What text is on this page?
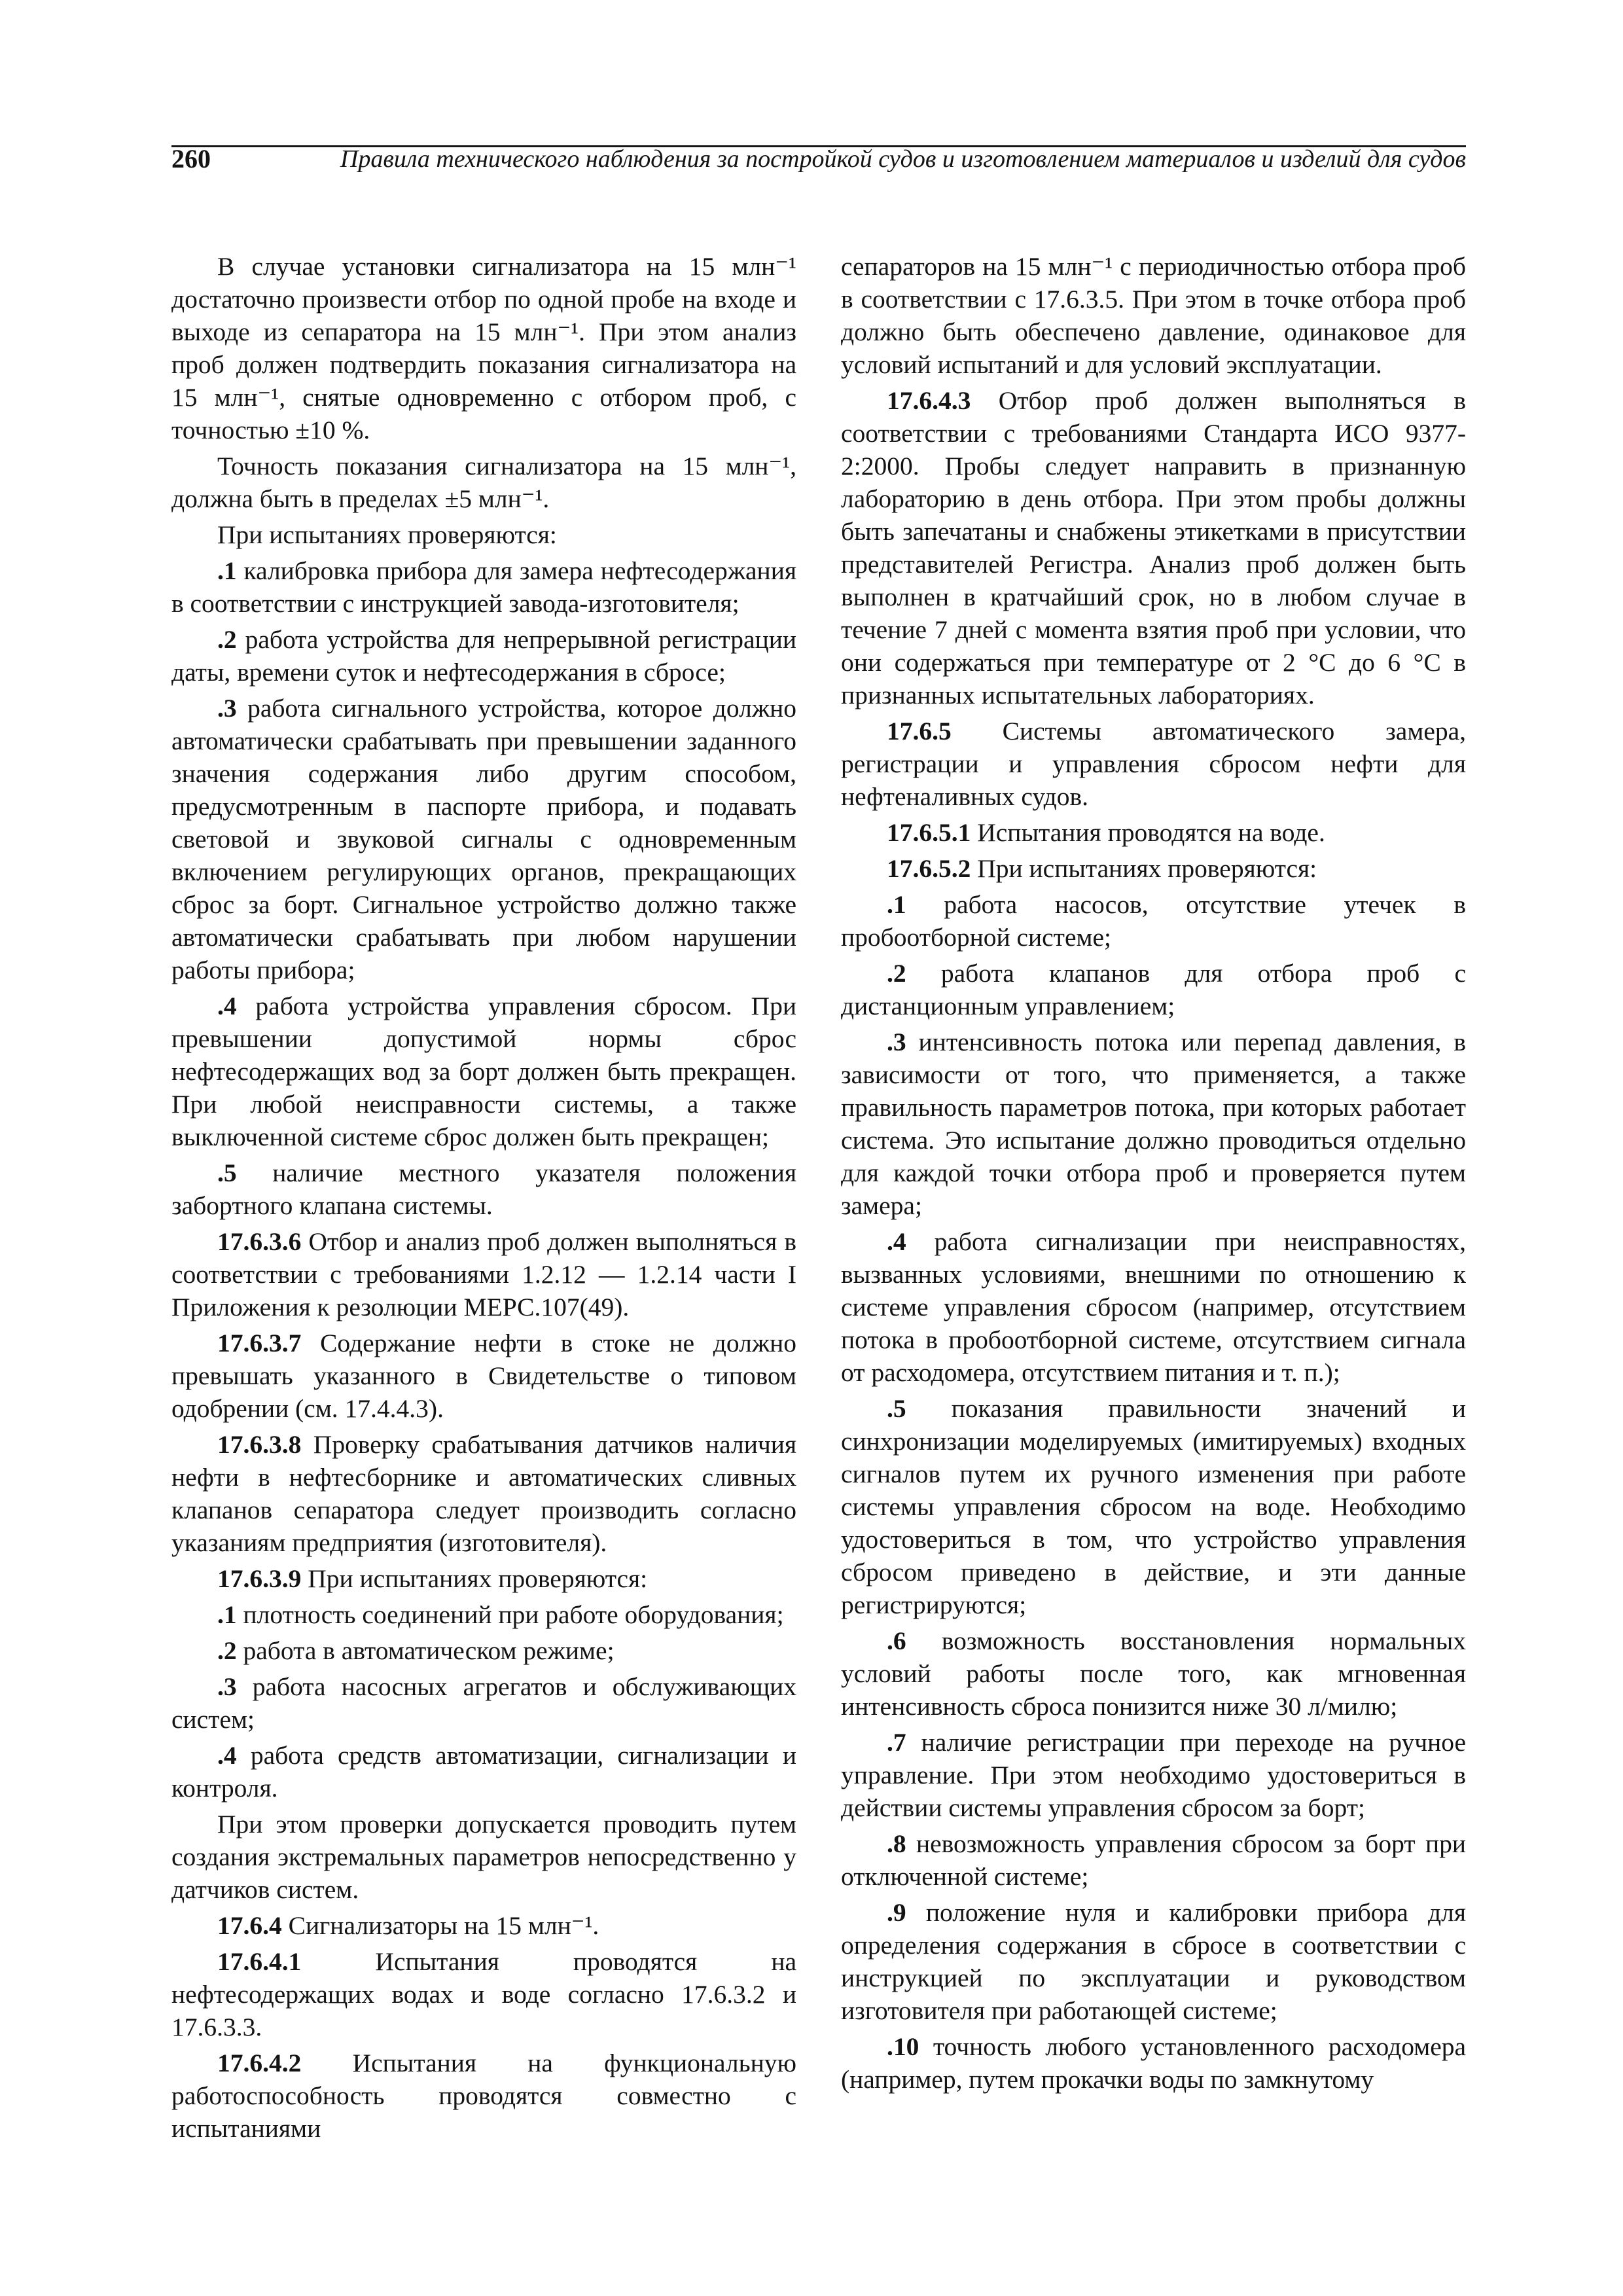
260	Правила технического наблюдения за постройкой судов и изготовлением материалов и изделий для судов

В случае установки сигнализатора на 15 млн⁻¹ достаточно произвести отбор по одной пробе на входе и выходе из сепаратора на 15 млн⁻¹. При этом анализ проб должен подтвердить показания сигнализатора на 15 млн⁻¹, снятые одновременно с отбором проб, с точностью ±10 %.

Точность показания сигнализатора на 15 млн⁻¹, должна быть в пределах ±5 млн⁻¹.

При испытаниях проверяются:

.1 калибровка прибора для замера нефтесодержания в соответствии с инструкцией завода-изготовителя;

.2 работа устройства для непрерывной регистрации даты, времени суток и нефтесодержания в сбросе;

.3 работа сигнального устройства, которое должно автоматически срабатывать при превышении заданного значения содержания либо другим способом, предусмотренным в паспорте прибора, и подавать световой и звуковой сигналы с одновременным включением регулирующих органов, прекращающих сброс за борт. Сигнальное устройство должно также автоматически срабатывать при любом нарушении работы прибора;

.4 работа устройства управления сбросом. При превышении допустимой нормы сброс нефтесодержащих вод за борт должен быть прекращен. При любой неисправности системы, а также выключенной системе сброс должен быть прекращен;

.5 наличие местного указателя положения забортного клапана системы.

17.6.3.6 Отбор и анализ проб должен выполняться в соответствии с требованиями 1.2.12 — 1.2.14 части I Приложения к резолюции МЕРС.107(49).

17.6.3.7 Содержание нефти в стоке не должно превышать указанного в Свидетельстве о типовом одобрении (см. 17.4.4.3).

17.6.3.8 Проверку срабатывания датчиков наличия нефти в нефтесборнике и автоматических сливных клапанов сепаратора следует производить согласно указаниям предприятия (изготовителя).

17.6.3.9 При испытаниях проверяются:

.1 плотность соединений при работе оборудования;

.2 работа в автоматическом режиме;

.3 работа насосных агрегатов и обслуживающих систем;

.4 работа средств автоматизации, сигнализации и контроля.

При этом проверки допускается проводить путем создания экстремальных параметров непосредственно у датчиков систем.

17.6.4 Сигнализаторы на 15 млн⁻¹.

17.6.4.1	Испытания проводятся на нефтесодержащих водах и воде согласно 17.6.3.2 и 17.6.3.3.

17.6.4.2 Испытания на функциональную работоспособность проводятся совместно с испытаниями

сепараторов на 15 млн⁻¹ с периодичностью отбора проб в соответствии с 17.6.3.5. При этом в точке отбора проб должно быть обеспечено давление, одинаковое для условий испытаний и для условий эксплуатации.

17.6.4.3 Отбор проб должен выполняться в соответствии с требованиями Стандарта ИСО 9377-2:2000. Пробы следует направить в признанную лабораторию в день отбора. При этом пробы должны быть запечатаны и снабжены этикетками в присутствии представителей Регистра. Анализ проб должен быть выполнен в кратчайший срок, но в любом случае в течение 7 дней с момента взятия проб при условии, что они содержаться при температуре от 2 °С до 6 °С в признанных испытательных лабораториях.

17.6.5 Системы автоматического замера, регистрации и управления сбросом нефти для нефтеналивных судов.

17.6.5.1 Испытания проводятся на воде.

17.6.5.2 При испытаниях проверяются:

.1 работа насосов, отсутствие утечек в пробоотборной системе;

.2 работа клапанов для отбора проб с дистанционным управлением;

.3 интенсивность потока или перепад давления, в зависимости от того, что применяется, а также правильность параметров потока, при которых работает система. Это испытание должно проводиться отдельно для каждой точки отбора проб и проверяется путем замера;

.4 работа сигнализации при неисправностях, вызванных условиями, внешними по отношению к системе управления сбросом (например, отсутствием потока в пробоотборной системе, отсутствием сигнала от расходомера, отсутствием питания и т. п.);

.5 показания правильности значений и синхронизации моделируемых (имитируемых) входных сигналов путем их ручного изменения при работе системы управления сбросом на воде. Необходимо удостовериться в том, что устройство управления сбросом приведено в действие, и эти данные регистрируются;

.6 возможность восстановления нормальных условий работы после того, как мгновенная интенсивность сброса понизится ниже 30 л/милю;

.7 наличие регистрации при переходе на ручное управление. При этом необходимо удостовериться в действии системы управления сбросом за борт;

.8 невозможность управления сбросом за борт при отключенной системе;

.9 положение нуля и калибровки прибора для определения содержания в сбросе в соответствии с инструкцией по эксплуатации и руководством изготовителя при работающей системе;

.10 точность любого установленного расходомера (например, путем прокачки воды по замкнутому
